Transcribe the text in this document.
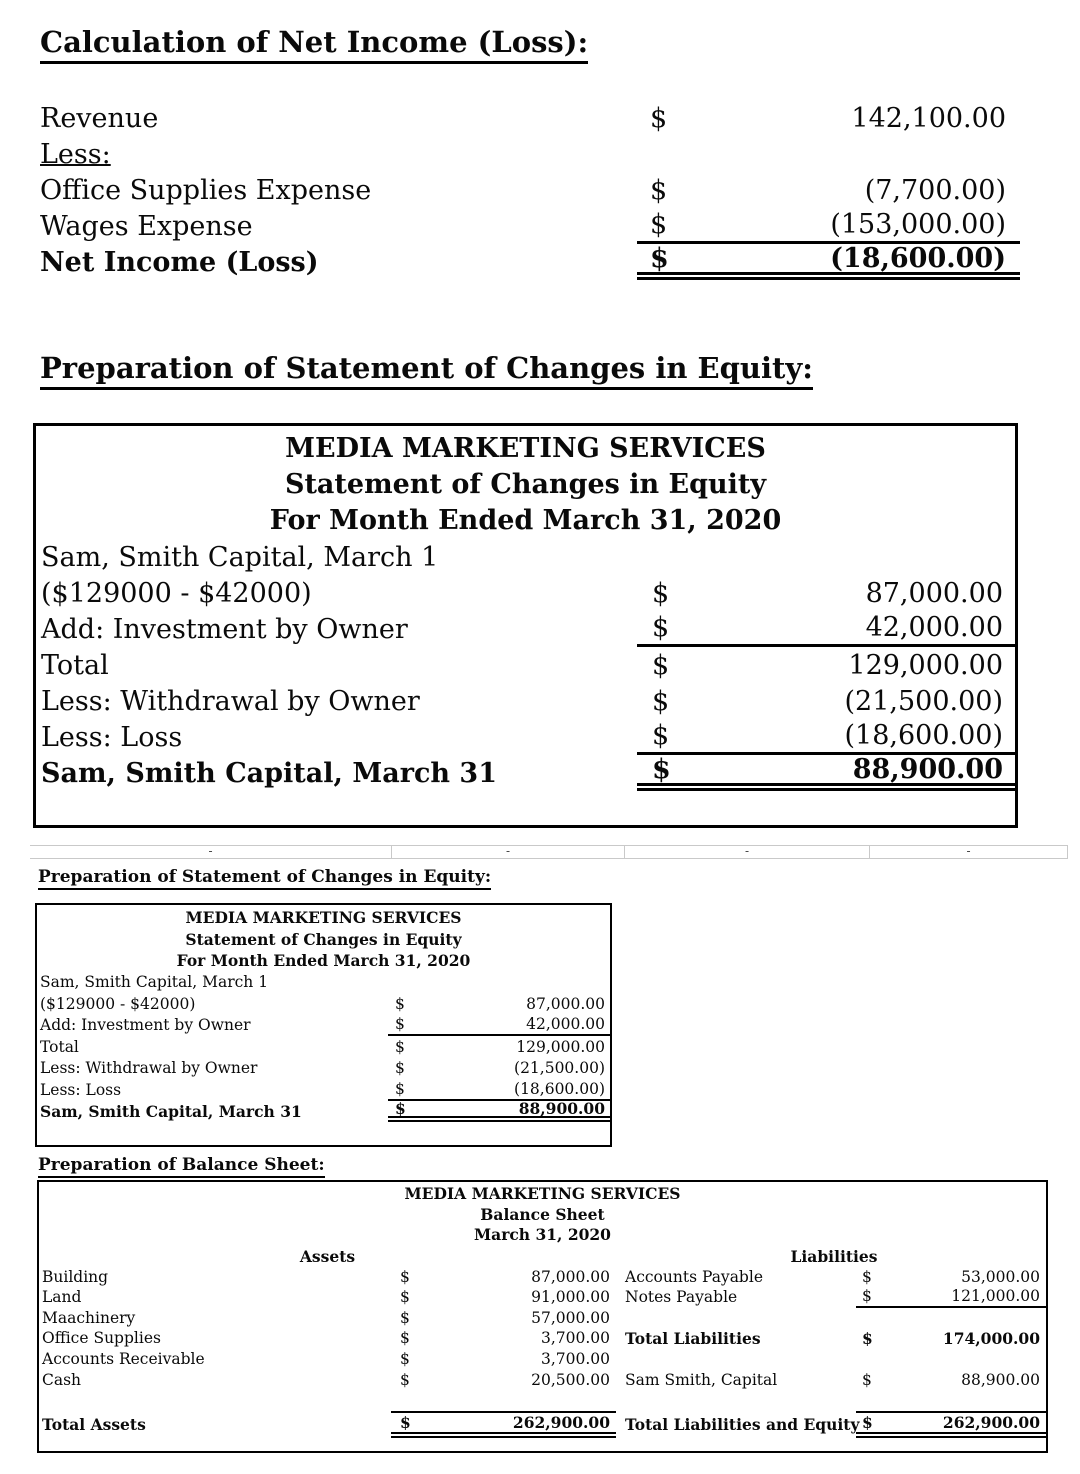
Calculation of Net Income (Loss):
Revenue	$	142,100.00
Less:
Office Supplies Expense	$	(7,700.00)
Wages Expense	$	(153,000.00)
Net Income (Loss)	$	(18,600.00)
Preparation of Statement of Changes in Equity:
MEDIA MARKETING SERVICES
Statement of Changes in Equity
For Month Ended March 31, 2020
Sam, Smith Capital, March 1
($129000 - $42000)	$	87,000.00
Add: Investment by Owner	$	42,000.00
Total	$	129,000.00
Less: Withdrawal by Owner	$	(21,500.00)
Less: Loss	$	(18,600.00)
Sam, Smith Capital, March 31	$	88,900.00
-	-	-	-
Preparation of Statement of Changes in Equity:
MEDIA MARKETING SERVICES
Statement of Changes in Equity
For Month Ended March 31, 2020
Sam, Smith Capital, March 1
($129000 - $42000)	$	87,000.00
Add: Investment by Owner	$	42,000.00
Total	$	129,000.00
Less: Withdrawal by Owner	$	(21,500.00)
Less: Loss	$	(18,600.00)
Sam, Smith Capital, March 31	$	88,900.00
Preparation of Balance Sheet:
MEDIA MARKETING SERVICES
Balance Sheet
March 31, 2020
Assets	Liabilities
Building	$	87,000.00 Accounts Payable	$	53,000.00
Land	$	91,000.00 Notes Payable	$	121,000.00
Maachinery	$	57,000.00
Office Supplies	$	3,700.00 Total Liabilities	$	174,000.00
Accounts Receivable	$	3,700.00
Cash	$	20,500.00 Sam Smith, Capital	$	88,900.00
Total Assets	$	262,900.00 Total Liabilities and Equity $	262,900.00
